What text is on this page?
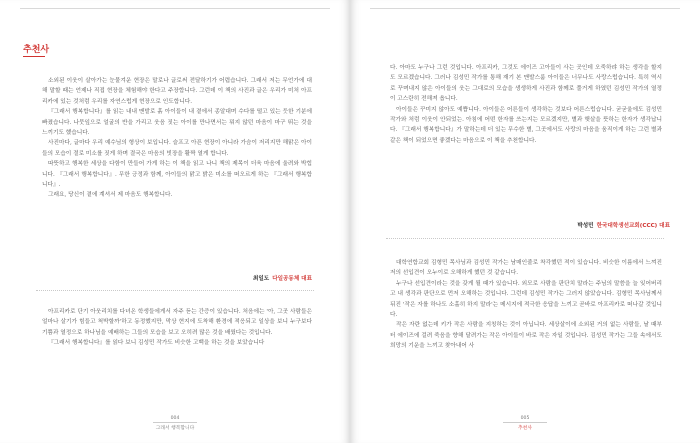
추천사

소외된 이웃이 살아가는 눈물겨운 현장은 말로나 글로써 전달하기가 어렵습니다. 그래서 저는 무언가에 대해 말할 때는 언제나 직접 현장을 체험해야 한다고 주장합니다. 그런데 이 책의 사진과 글은 우리가 미처 아프리카에 있는 것처럼 우리를 자연스럽게 현장으로 인도합니다.

『그래서 행복합니다』를 읽는 내내 맨발로 흙 아이들이 내 곁에서 종알대며 수다를 떨고 있는 듯한 기분에 빠졌습니다. 나뭇잎으로 얼굴의 반을 가리고 웃음 짓는 아이를 만나면서는 뭐지 않던 마음이 마구 뛰는 것을 느끼기도 했습니다.

사진마다, 글마다 우리 예수님의 형상이 보입니다. 슬프고 아픈 현장이 아니라 가슴이 저리지만 해맑은 아이들의 모습이 절로 미소를 짓게 하며 결국은 마음의 빗장을 활짝 열게 합니다.

따뜻하고 행복한 세상을 다함이 만들어 가게 하는 이 책을 읽고 나니 책의 제목이 더욱 마음에 울려와 박힙니다. 『그래서 행복합니다』. 무한 긍정과 함께, 아이들의 맑고 밝은 미소를 떠오르게 하는 『그래서 행복합니다』.

그래요, 당신이 곁에 계셔서 제 마음도 행복합니다.

최일도 다일공동체 대표

아프리카로 단기 아웃리치를 다녀온 학생들에게서 자주 듣는 간증이 있습니다. 처음에는 '아, 그곳 사람들은 얼마나 살기가 힘들고 척박할까'하고 동정했지만, 막상 현지에 도착해 환경에 적응되고 일상을 보니 누구보다 기쁨과 열정으로 하나님을 예배하는 그들의 모습을 보고 오히려 많은 것을 배웠다는 것입니다.

『그래서 행복합니다』를 읽다 보니 김성민 작가도 비슷한 고백을 하는 것을 보았습니다

004
그래서 행복합니다

다. 아마도 누구나 그런 것입니다. 아프리카, 그것도 에이즈 고아들이 사는 곳인데 오죽하랴 하는 생각을 할지도 모르겠습니다. 그러나 김성민 작가를 통해 재기 본 맨발스룸 아이들은 너무나도 사랑스럽습니다. 특히 역시로 꾸며내지 않은 아이들의 웃는 그대로의 모습을 생생하게 사진과 함께로 풀거게 하였던 김성민 작가의 열정이 고스란히 전해져 옵니다.

아이들은 꾸미지 않아도 예쁩니다. 아이들은 어른들이 생각하는 것보다 어른스럽습니다. 굳굳울에도 김성민 작가와 처럼 이웃이 안되었는. 아침에 어떤 한자를 쓰는지는 모르겠지만, 별과 햇살을 뜻하는 한자가 생각납니다. 『그래서 행복합니다』가 말하는데 더 있는 무수한 별, 그곳에서도 사랑의 마음을 움직이게 하는 그런 별과 같은 책이 되었으면 좋겠다는 마음으로 이 책을 추천합니다.

박성민 한국대학생선교회(CCC) 대표

대학연합교회 김형민 목사님과 김성민 작가는 남매인줄로 착각했던 적이 있습니다. 비슷한 이름에서 느껴진 저의 선입견이 오누이로 오해하게 했던 것 같습니다.

누구나 선입견이라는 것을 갖게 될 때가 있습니다. 외모로 사람을 판단치 말라는 주님의 말씀을 늘 잊어버리고 내 생각과 판단으로 먼저 오해하는 것입니다. 그런데 김성민 작가는 그러지 않았습니다. 김형민 목사님께서 뒤진 '작은 자를 하나도 소홀히 하지 말라'는 메시지에 적극한 응답을 느끼고 곧바로 아프리카로 떠나갈 것입니다.

작은 자란 없는데 키가 작은 사람을 지칭하는 것이 아닙니다. 세상살이에 소외된 거의 없는 사람들, 날 때부터 에이즈에 걸려 죽음을 향해 달려가는 작은 아이들이 바로 작은 자일 것입니다. 김성민 작가는 그들 속에서도 희망의 기운을 느끼고 찾아내어 사

005
추천사
